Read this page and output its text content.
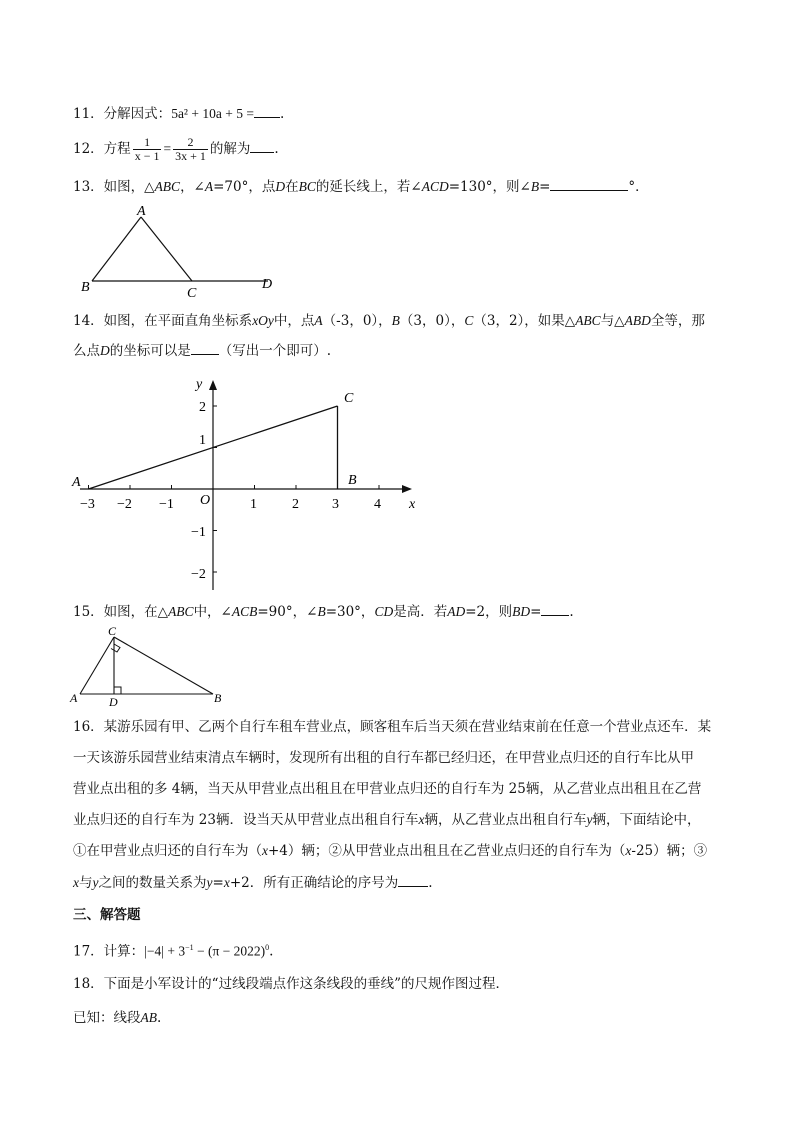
11．分解因式：5a² + 10a + 5 = .
12．方程 $\frac{1}{x - 1} = \frac{2}{3x + 1}$ 的解为 .
13．如图，△ABC，∠A=70°，点D在BC的延长线上，若∠ACD=130°，则∠B=	°．
A
B	C
D
14．如图，在平面直角坐标系xOy中，点A（-3，0），B（3，0），C（3，2），如果△ABC与△ABD全等，那
么点D的坐标可以是 （写出一个即可）.
−3 −2 −1	1	2 3	4
2
1
−1
−2
y
x
O
A
C
B
15．如图，在△ABC中，∠ACB=90°，∠B=30°，CD是高．若AD=2，则BD= .
C
A	B
D
16．某游乐园有甲、乙两个自行车租车营业点，顾客租车后当天须在营业结束前在任意一个营业点还车．某
一天该游乐园营业结束清点车辆时，发现所有出租的自行车都已经归还，在甲营业点归还的自行车比从甲
营业点出租的多 4辆，当天从甲营业点出租且在甲营业点归还的自行车为 25辆，从乙营业点出租且在乙营
业点归还的自行车为 23辆．设当天从甲营业点出租自行车x辆，从乙营业点出租自行车y辆，下面结论中，
①在甲营业点归还的自行车为（x+4）辆；②从甲营业点出租且在乙营业点归还的自行车为（x-25）辆；③
x与y之间的数量关系为y=x+2．所有正确结论的序号为 .
三、解答题
17．计算：$|-4| + 3^{-1} - (\pi - 2022)^0$.
18．下面是小军设计的“过线段端点作这条线段的垂线”的尺规作图过程．
已知：线段AB.
